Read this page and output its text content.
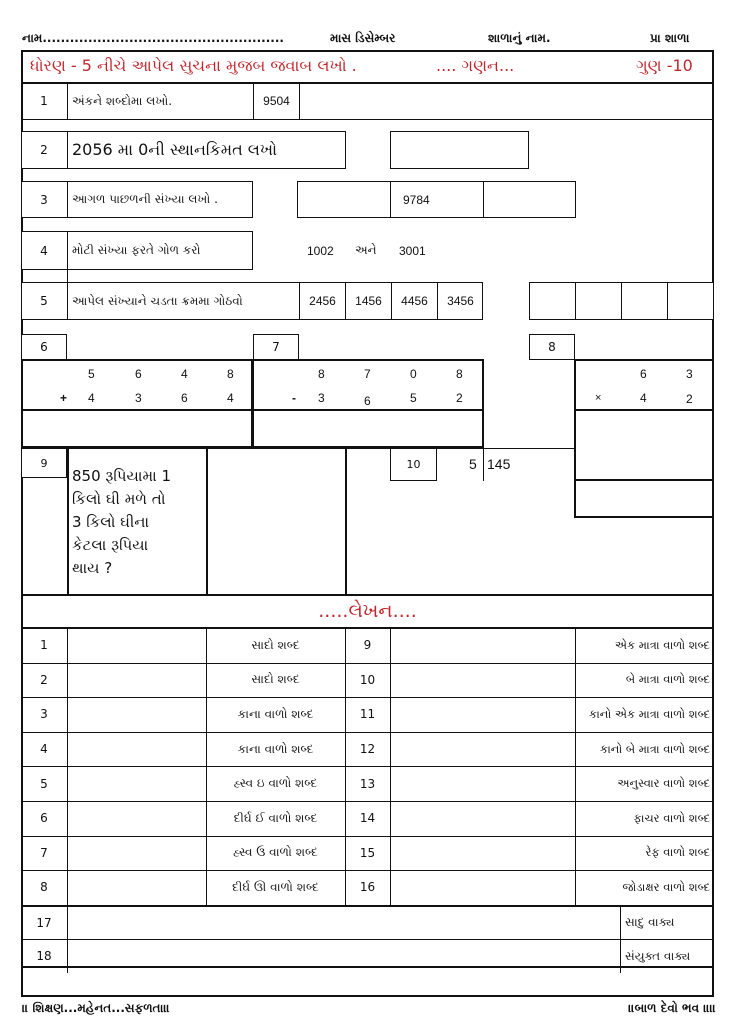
નામ.....................................................	માસ ડિસેમ્બર	શાળાનું નામ.	પ્રા શાળા
ધોરણ - 5 નીચે આપેલ સુચના મુજબ જવાબ લખો .	.... ગણન...	ગુણ -10
1	અંકને શબ્દોમા લખો.	9504
2	2056 મા 0ની સ્થાનકિમત લખો
3	આગળ પાછળની સંખ્યા લખો .	9784
4	મોટી સંખ્યા ફરતે ગોળ કરો	1002 અને 3001
5	આપેલ સંખ્યાને ચડતા ક્રમમા ગોઠવો	2456	1456	4456	3456
6	7	8
5	6	4	8
+ 4	3	6	4
8	7	0	8
- 3	6	5	2
6	3
×	4	2
9
850 રૂપિયામા 1
કિલો ઘી મળે તો
3 કિલો ઘીના
કેટલા રૂપિયા
થાય ?
10	5 145
.....લેખન....
1	સાદો શબ્દ	9	એક માત્રા વાળો શબ્દ
2	સાદો શબ્દ	10	બે માત્રા વાળો શબ્દ
3	કાના વાળો શબ્દ	11	કાનો એક માત્રા વાળો શબ્દ
4	કાના વાળો શબ્દ	12	કાનો બે માત્રા વાળો શબ્દ
5	હ્સ્વ ઇ વાળો શબ્દ	13	અનુસ્વાર વાળો શબ્દ
6	દીર્ઘ ઈ વાળો શબ્દ	14	ફાચર વાળો શબ્દ
7	હ્સ્વ ઉ વાળો શબ્દ	15	રેફ વાળો શબ્દ
8	દીર્ઘ ઊ વાળો શબ્દ	16	જોડાક્ષર વાળો શબ્દ
17	સાદુ વાક્ય
18	સંયુક્ત વાક્ય
॥ શિક્ષણ...મહેનત...સફળતા॥	॥બાળ દેવો ભવ ॥॥
